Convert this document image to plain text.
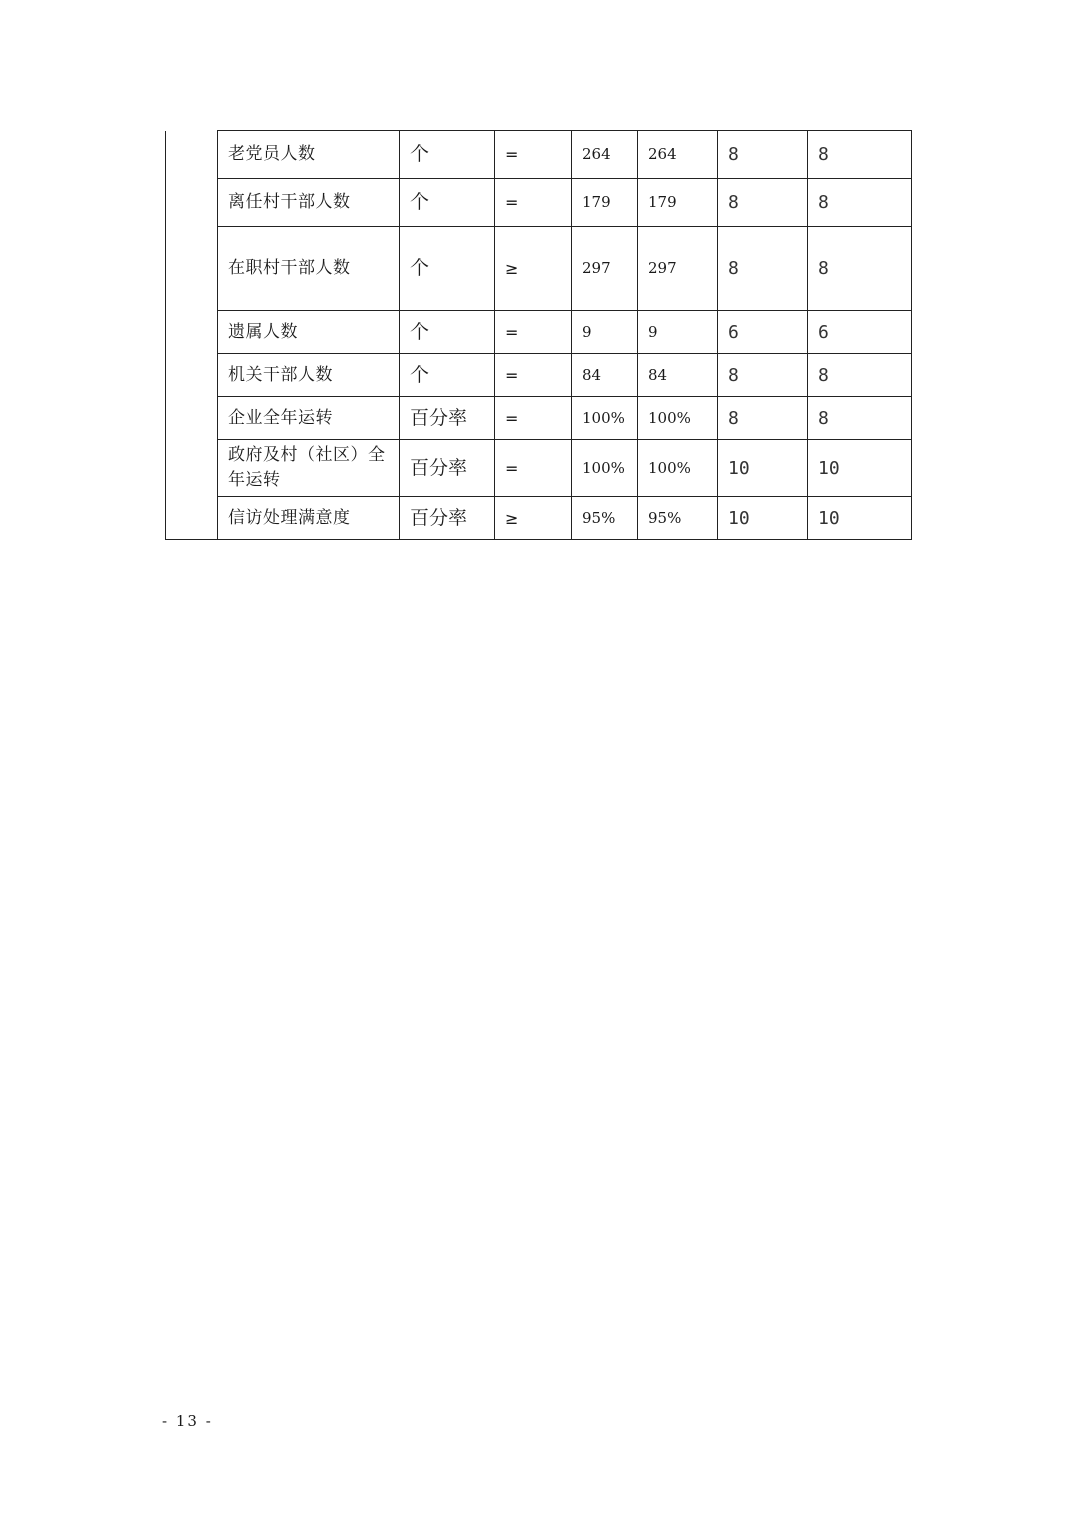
	老党员人数	个	=	264	264	8	8
	离任村干部人数	个	=	179	179	8	8
	在职村干部人数	个	≥	297	297	8	8
	遗属人数	个	=	9	9	6	6
	机关干部人数	个	=	84	84	8	8
	企业全年运转	百分率	=	100%	100%	8	8
	政府及村（社区）全年运转	百分率	=	100%	100%	10	10
	信访处理满意度	百分率	≥	95%	95%	10	10
- 13 -
